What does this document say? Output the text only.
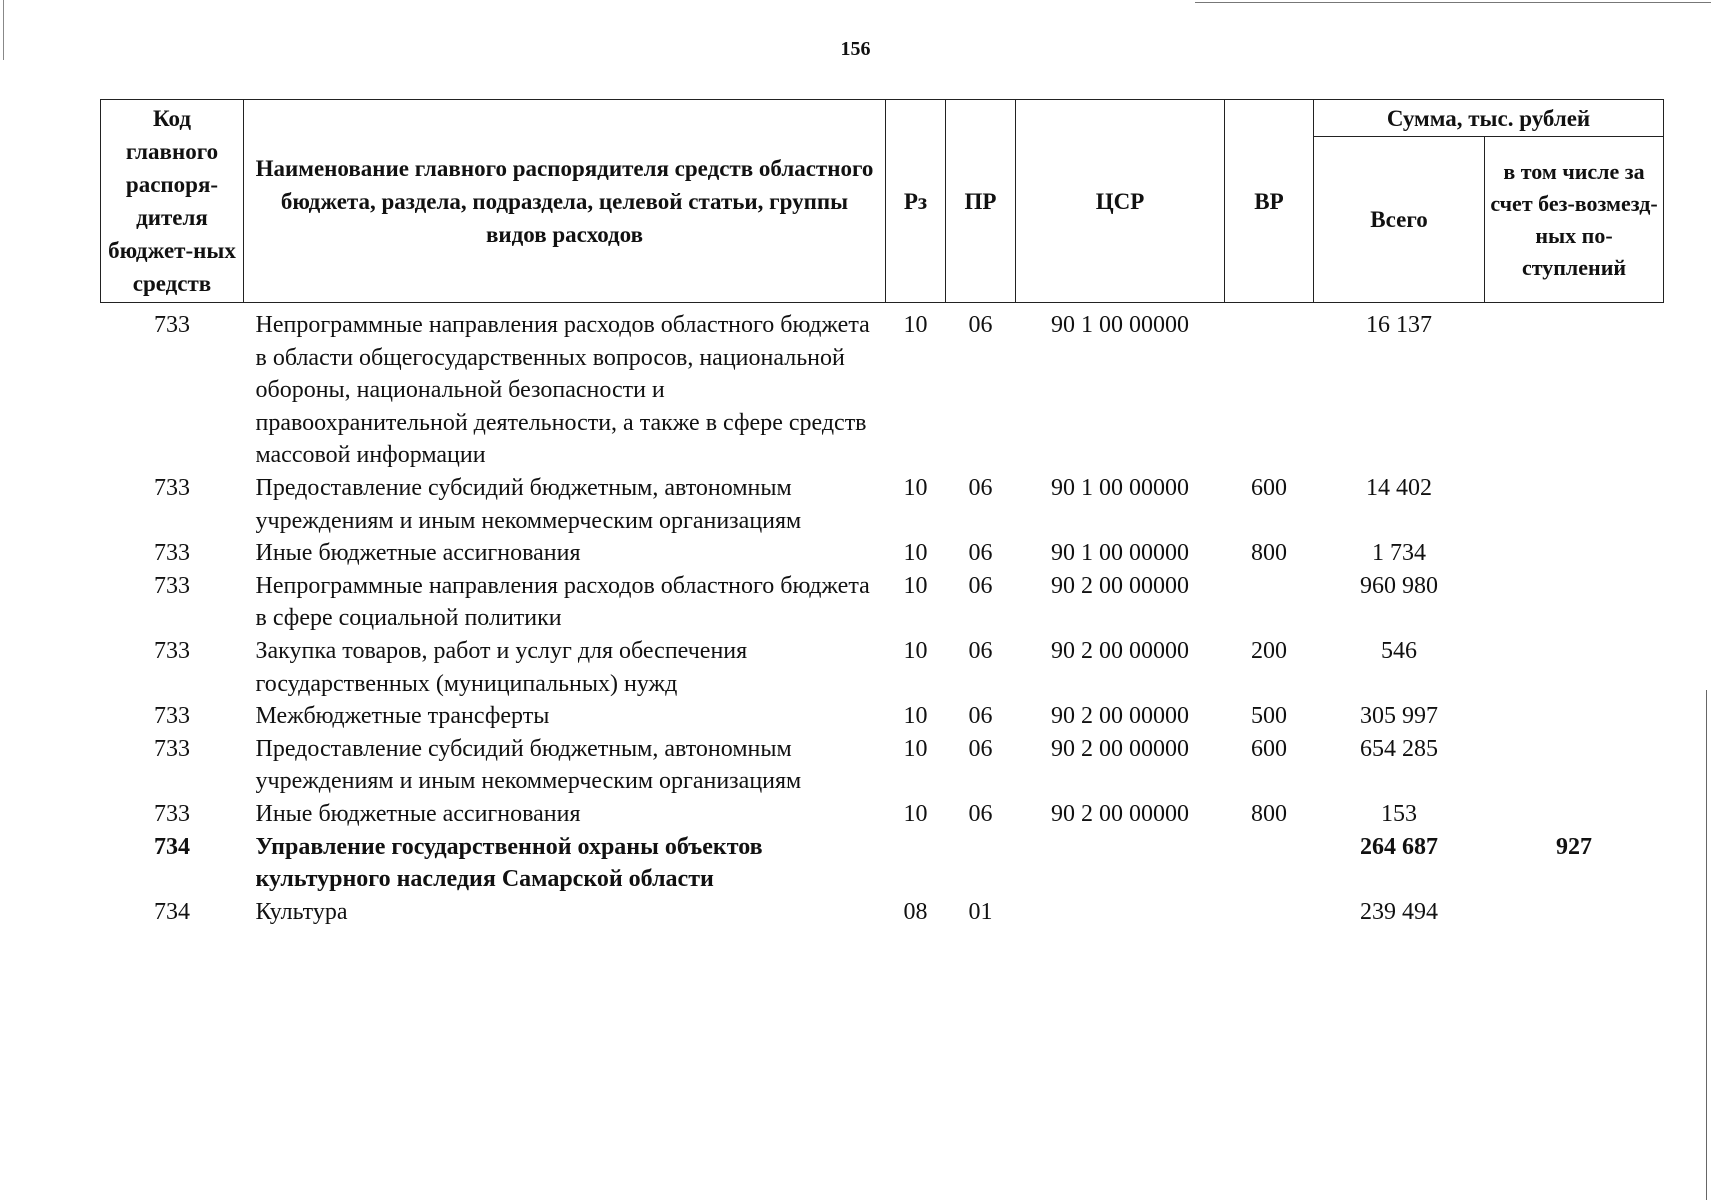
156
Код главного распоря-дителя бюджет-ных средств	Наименование главного распорядителя средств областного бюджета, раздела, подраздела, целевой статьи, группы видов расходов	Рз	ПР	ЦСР	ВР	Сумма, тыс. рублей	
						Всего	в том числе за счет без-возмезд-ных по-ступлений
733	Непрограммные направления расходов областного бюджета в области общегосударственных вопросов, национальной обороны, национальной безопасности и правоохранительной деятельности, а также в сфере средств массовой информации	10	06	90 1 00 00000		16 137	
733	Предоставление субсидий бюджетным, автономным учреждениям и иным некоммерческим организациям	10	06	90 1 00 00000	600	14 402	
733	Иные бюджетные ассигнования	10	06	90 1 00 00000	800	1 734	
733	Непрограммные направления расходов областного бюджета в сфере социальной политики	10	06	90 2 00 00000		960 980	
733	Закупка товаров, работ и услуг для обеспечения государственных (муниципальных) нужд	10	06	90 2 00 00000	200	546	
733	Межбюджетные трансферты	10	06	90 2 00 00000	500	305 997	
733	Предоставление субсидий бюджетным, автономным учреждениям и иным некоммерческим организациям	10	06	90 2 00 00000	600	654 285	
733	Иные бюджетные ассигнования	10	06	90 2 00 00000	800	153	
734	Управление государственной охраны объектов культурного наследия Самарской области					264 687	927
734	Культура	08	01			239 494	
